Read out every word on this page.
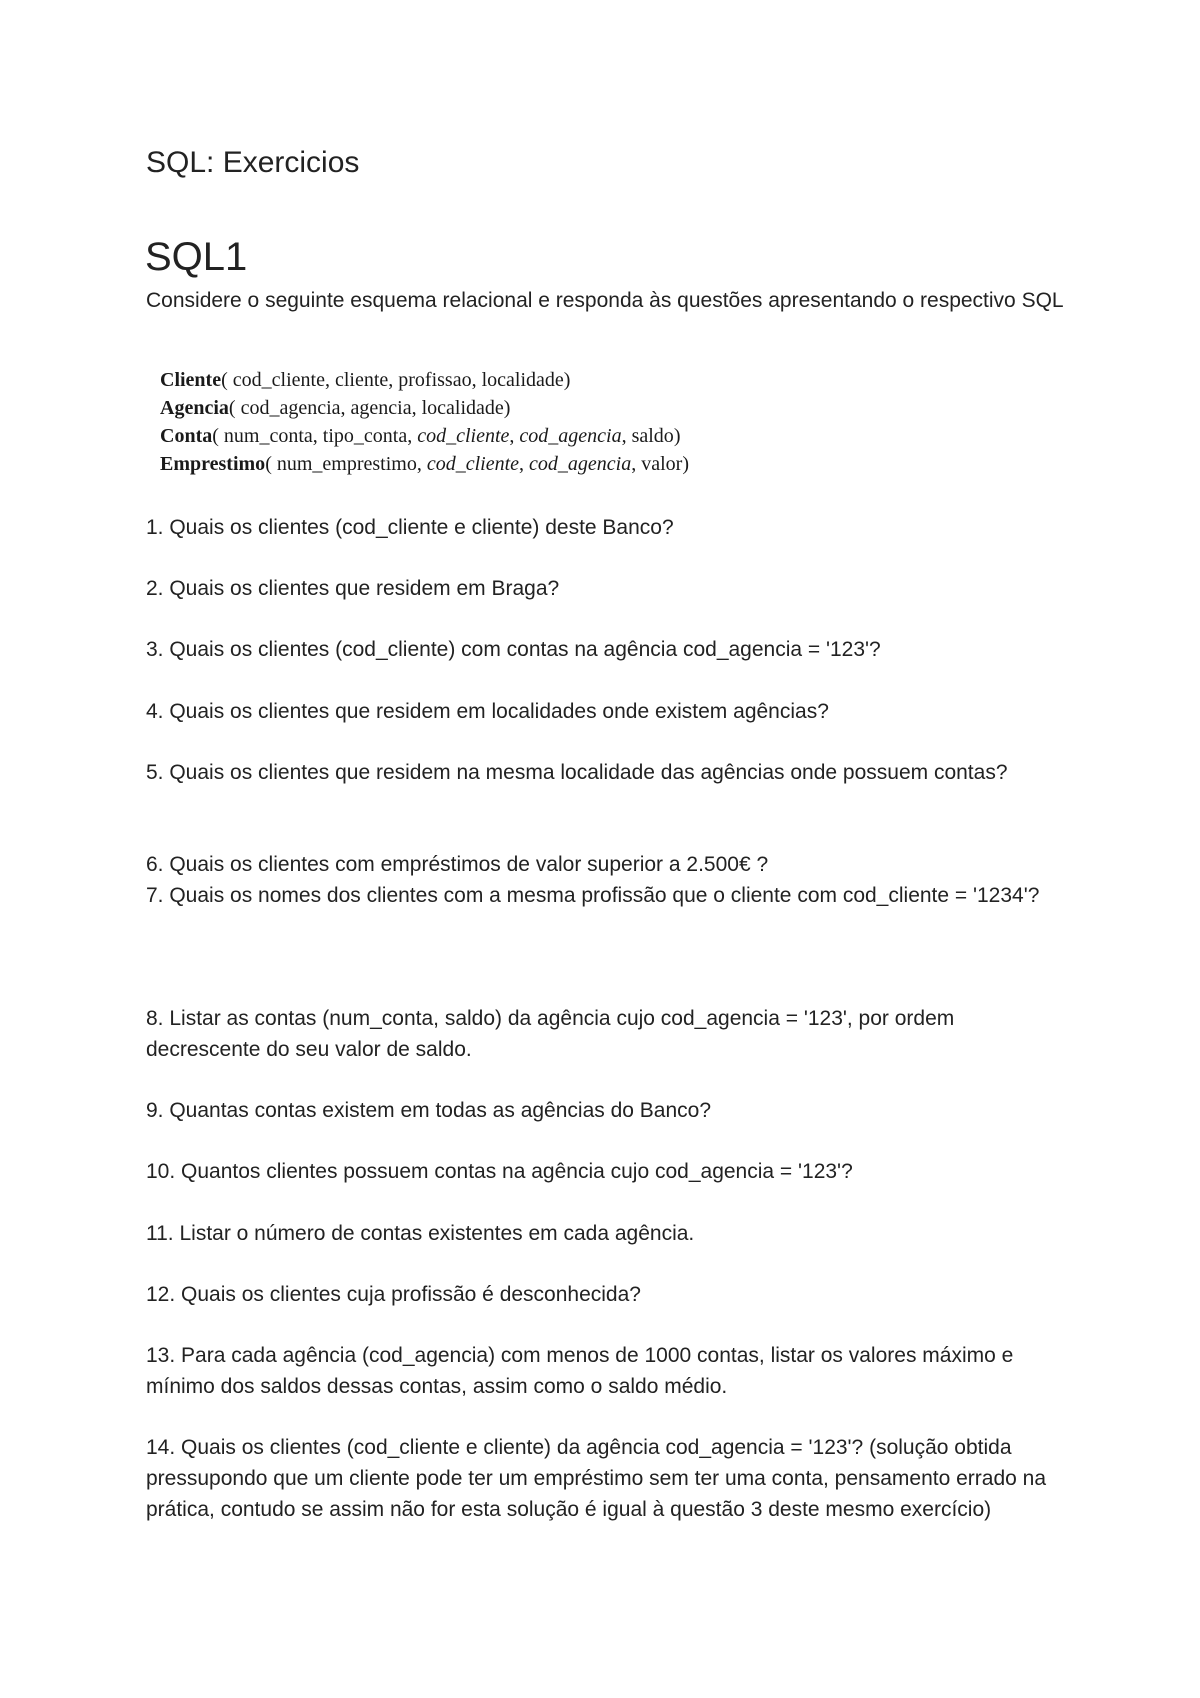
SQL: Exercicios
SQL1

Considere o seguinte esquema relacional e responda às questões apresentando o respectivo SQL

Cliente( cod_cliente, cliente, profissao, localidade)
Agencia( cod_agencia, agencia, localidade)
Conta( num_conta, tipo_conta, cod_cliente, cod_agencia, saldo)
Emprestimo( num_emprestimo, cod_cliente, cod_agencia, valor)

1. Quais os clientes (cod_cliente e cliente) deste Banco?

2. Quais os clientes que residem em Braga?

3. Quais os clientes (cod_cliente) com contas na agência cod_agencia = '123'?

4. Quais os clientes que residem em localidades onde existem agências?

5. Quais os clientes que residem na mesma localidade das agências onde possuem contas?

6. Quais os clientes com empréstimos de valor superior a 2.500€ ?

7. Quais os nomes dos clientes com a mesma profissão que o cliente com cod_cliente = '1234'?

8. Listar as contas (num_conta, saldo) da agência cujo cod_agencia = '123', por ordem decrescente do seu valor de saldo.

9. Quantas contas existem em todas as agências do Banco?

10. Quantos clientes possuem contas na agência cujo cod_agencia = '123'?

11. Listar o número de contas existentes em cada agência.

12. Quais os clientes cuja profissão é desconhecida?

13. Para cada agência (cod_agencia) com menos de 1000 contas, listar os valores máximo e mínimo dos saldos dessas contas, assim como o saldo médio.

14. Quais os clientes (cod_cliente e cliente) da agência cod_agencia = '123'? (solução obtida pressupondo que um cliente pode ter um empréstimo sem ter uma conta, pensamento errado na prática, contudo se assim não for esta solução é igual à questão 3 deste mesmo exercício)
